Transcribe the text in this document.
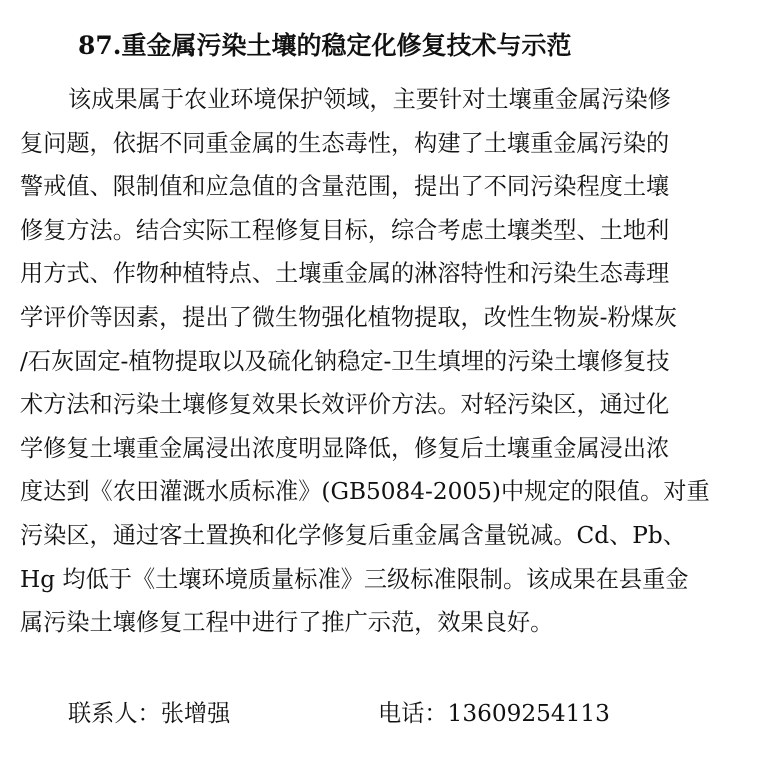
87.重金属污染土壤的稳定化修复技术与示范
该成果属于农业环境保护领域，主要针对土壤重金属污染修
复问题，依据不同重金属的生态毒性，构建了土壤重金属污染的
警戒值、限制值和应急值的含量范围，提出了不同污染程度土壤
修复方法。结合实际工程修复目标，综合考虑土壤类型、土地利
用方式、作物种植特点、土壤重金属的淋溶特性和污染生态毒理
学评价等因素，提出了微生物强化植物提取，改性生物炭-粉煤灰
/石灰固定-植物提取以及硫化钠稳定-卫生填埋的污染土壤修复技
术方法和污染土壤修复效果长效评价方法。对轻污染区，通过化
学修复土壤重金属浸出浓度明显降低，修复后土壤重金属浸出浓
度达到《农田灌溉水质标准》(GB5084-2005)中规定的限值。对重
污染区，通过客土置换和化学修复后重金属含量锐减。Cd、Pb、
Hg 均低于《土壤环境质量标准》三级标准限制。该成果在县重金
属污染土壤修复工程中进行了推广示范，效果良好。
联系人：张增强	电话：13609254113
